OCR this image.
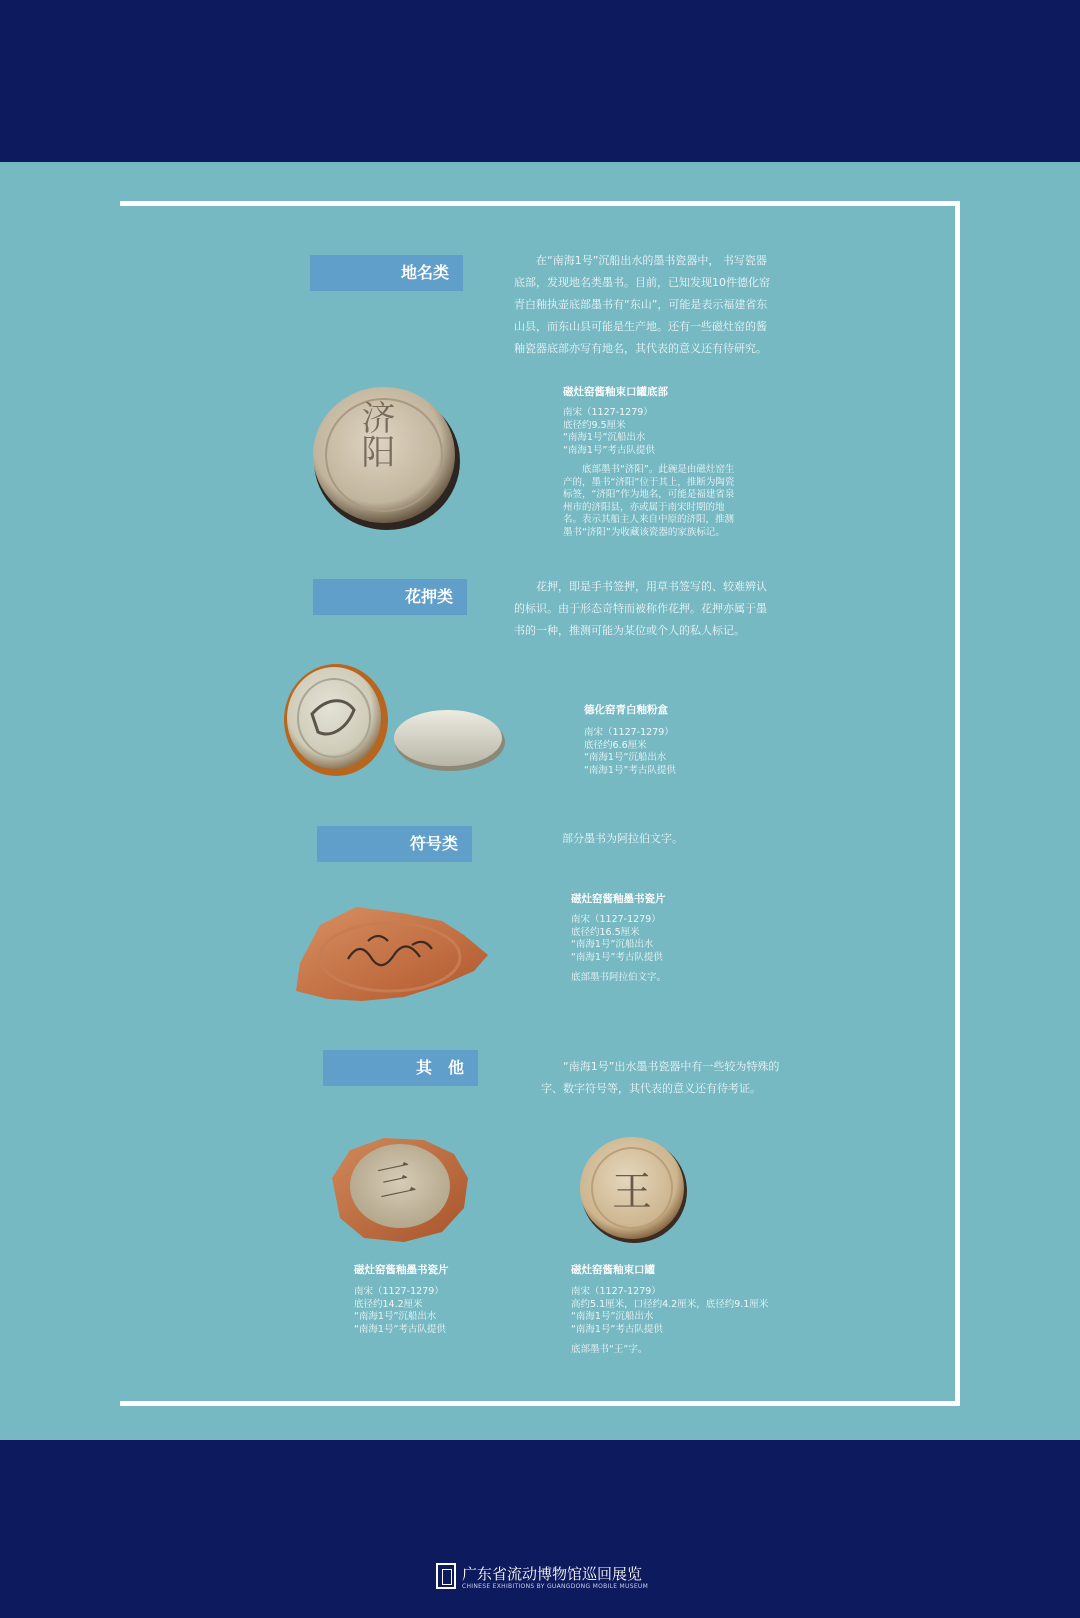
地名类
在“南海1号”沉船出水的墨书瓷器中， 书写瓷器底部，发现地名类墨书。目前，已知发现10件德化窑青白釉执壶底部墨书有“东山”，可能是表示福建省东山县，而东山县可能是生产地。还有一些磁灶窑的酱釉瓷器底部亦写有地名，其代表的意义还有待研究。
济阳
磁灶窑酱釉束口罐底部
南宋（1127-1279）
底径约9.5厘米
“南海1号”沉船出水
“南海1号”考古队提供
底部墨书“济阳”。此碗是由磁灶窑生产的，墨书“济阳”位于其上，推断为陶瓷标签，“济阳”作为地名，可能是福建省泉州市的济阳县，亦或属于南宋时期的地名。表示其船主人来自中原的济阳，推测墨书“济阳”为收藏该瓷器的家族标记。
花押类
花押，即是手书签押，用草书签写的、较难辨认的标识。由于形态奇特而被称作花押。花押亦属于墨书的一种，推测可能为某位或个人的私人标记。
德化窑青白釉粉盒
南宋（1127-1279）
底径约6.6厘米
“南海1号”沉船出水
“南海1号”考古队提供
符号类	部分墨书为阿拉伯文字。
磁灶窑酱釉墨书瓷片
南宋（1127-1279）
底径约16.5厘米
“南海1号”沉船出水
“南海1号”考古队提供
底部墨书阿拉伯文字。
其　他	“南海1号”出水墨书瓷器中有一些较为特殊的字、数字符号等，其代表的意义还有待考证。
三	王
磁灶窑酱釉墨书瓷片
南宋（1127-1279）
底径约14.2厘米
“南海1号”沉船出水
“南海1号”考古队提供
磁灶窑酱釉束口罐
南宋（1127-1279）
高约5.1厘米，口径约4.2厘米，底径约9.1厘米
“南海1号”沉船出水
“南海1号”考古队提供
底部墨书“王”字。
广东省流动博物馆巡回展览
CHINESE EXHIBITIONS BY GUANGDONG MOBILE MUSEUM
